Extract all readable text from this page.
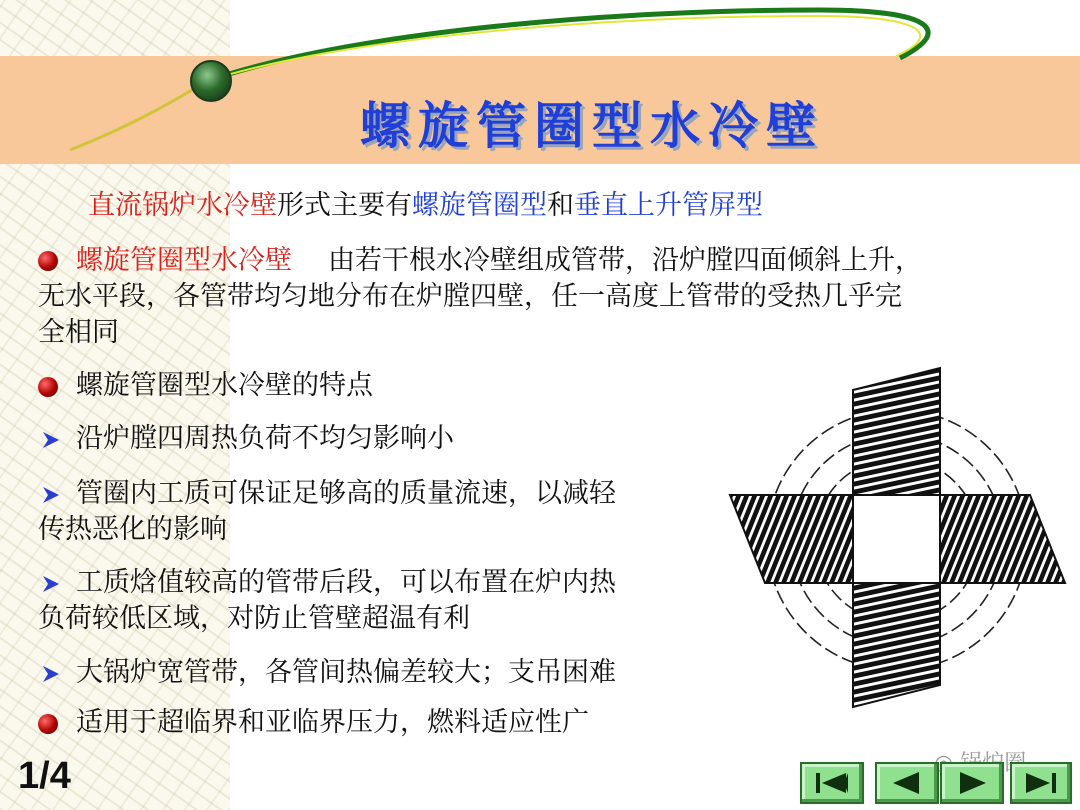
螺旋管圈型水冷壁
直流锅炉水冷壁形式主要有螺旋管圈型和垂直上升管屏型
螺旋管圈型水冷壁 由若干根水冷壁组成管带，沿炉膛四面倾斜上升，
无水平段，各管带均匀地分布在炉膛四壁，任一高度上管带的受热几乎完
全相同
螺旋管圈型水冷壁的特点
沿炉膛四周热负荷不均匀影响小
管圈内工质可保证足够高的质量流速，以减轻
传热恶化的影响
工质焓值较高的管带后段，可以布置在炉内热
负荷较低区域，对防止管壁超温有利
大锅炉宽管带，各管间热偏差较大；支吊困难
适用于超临界和亚临界压力，燃料适应性广
1/4
